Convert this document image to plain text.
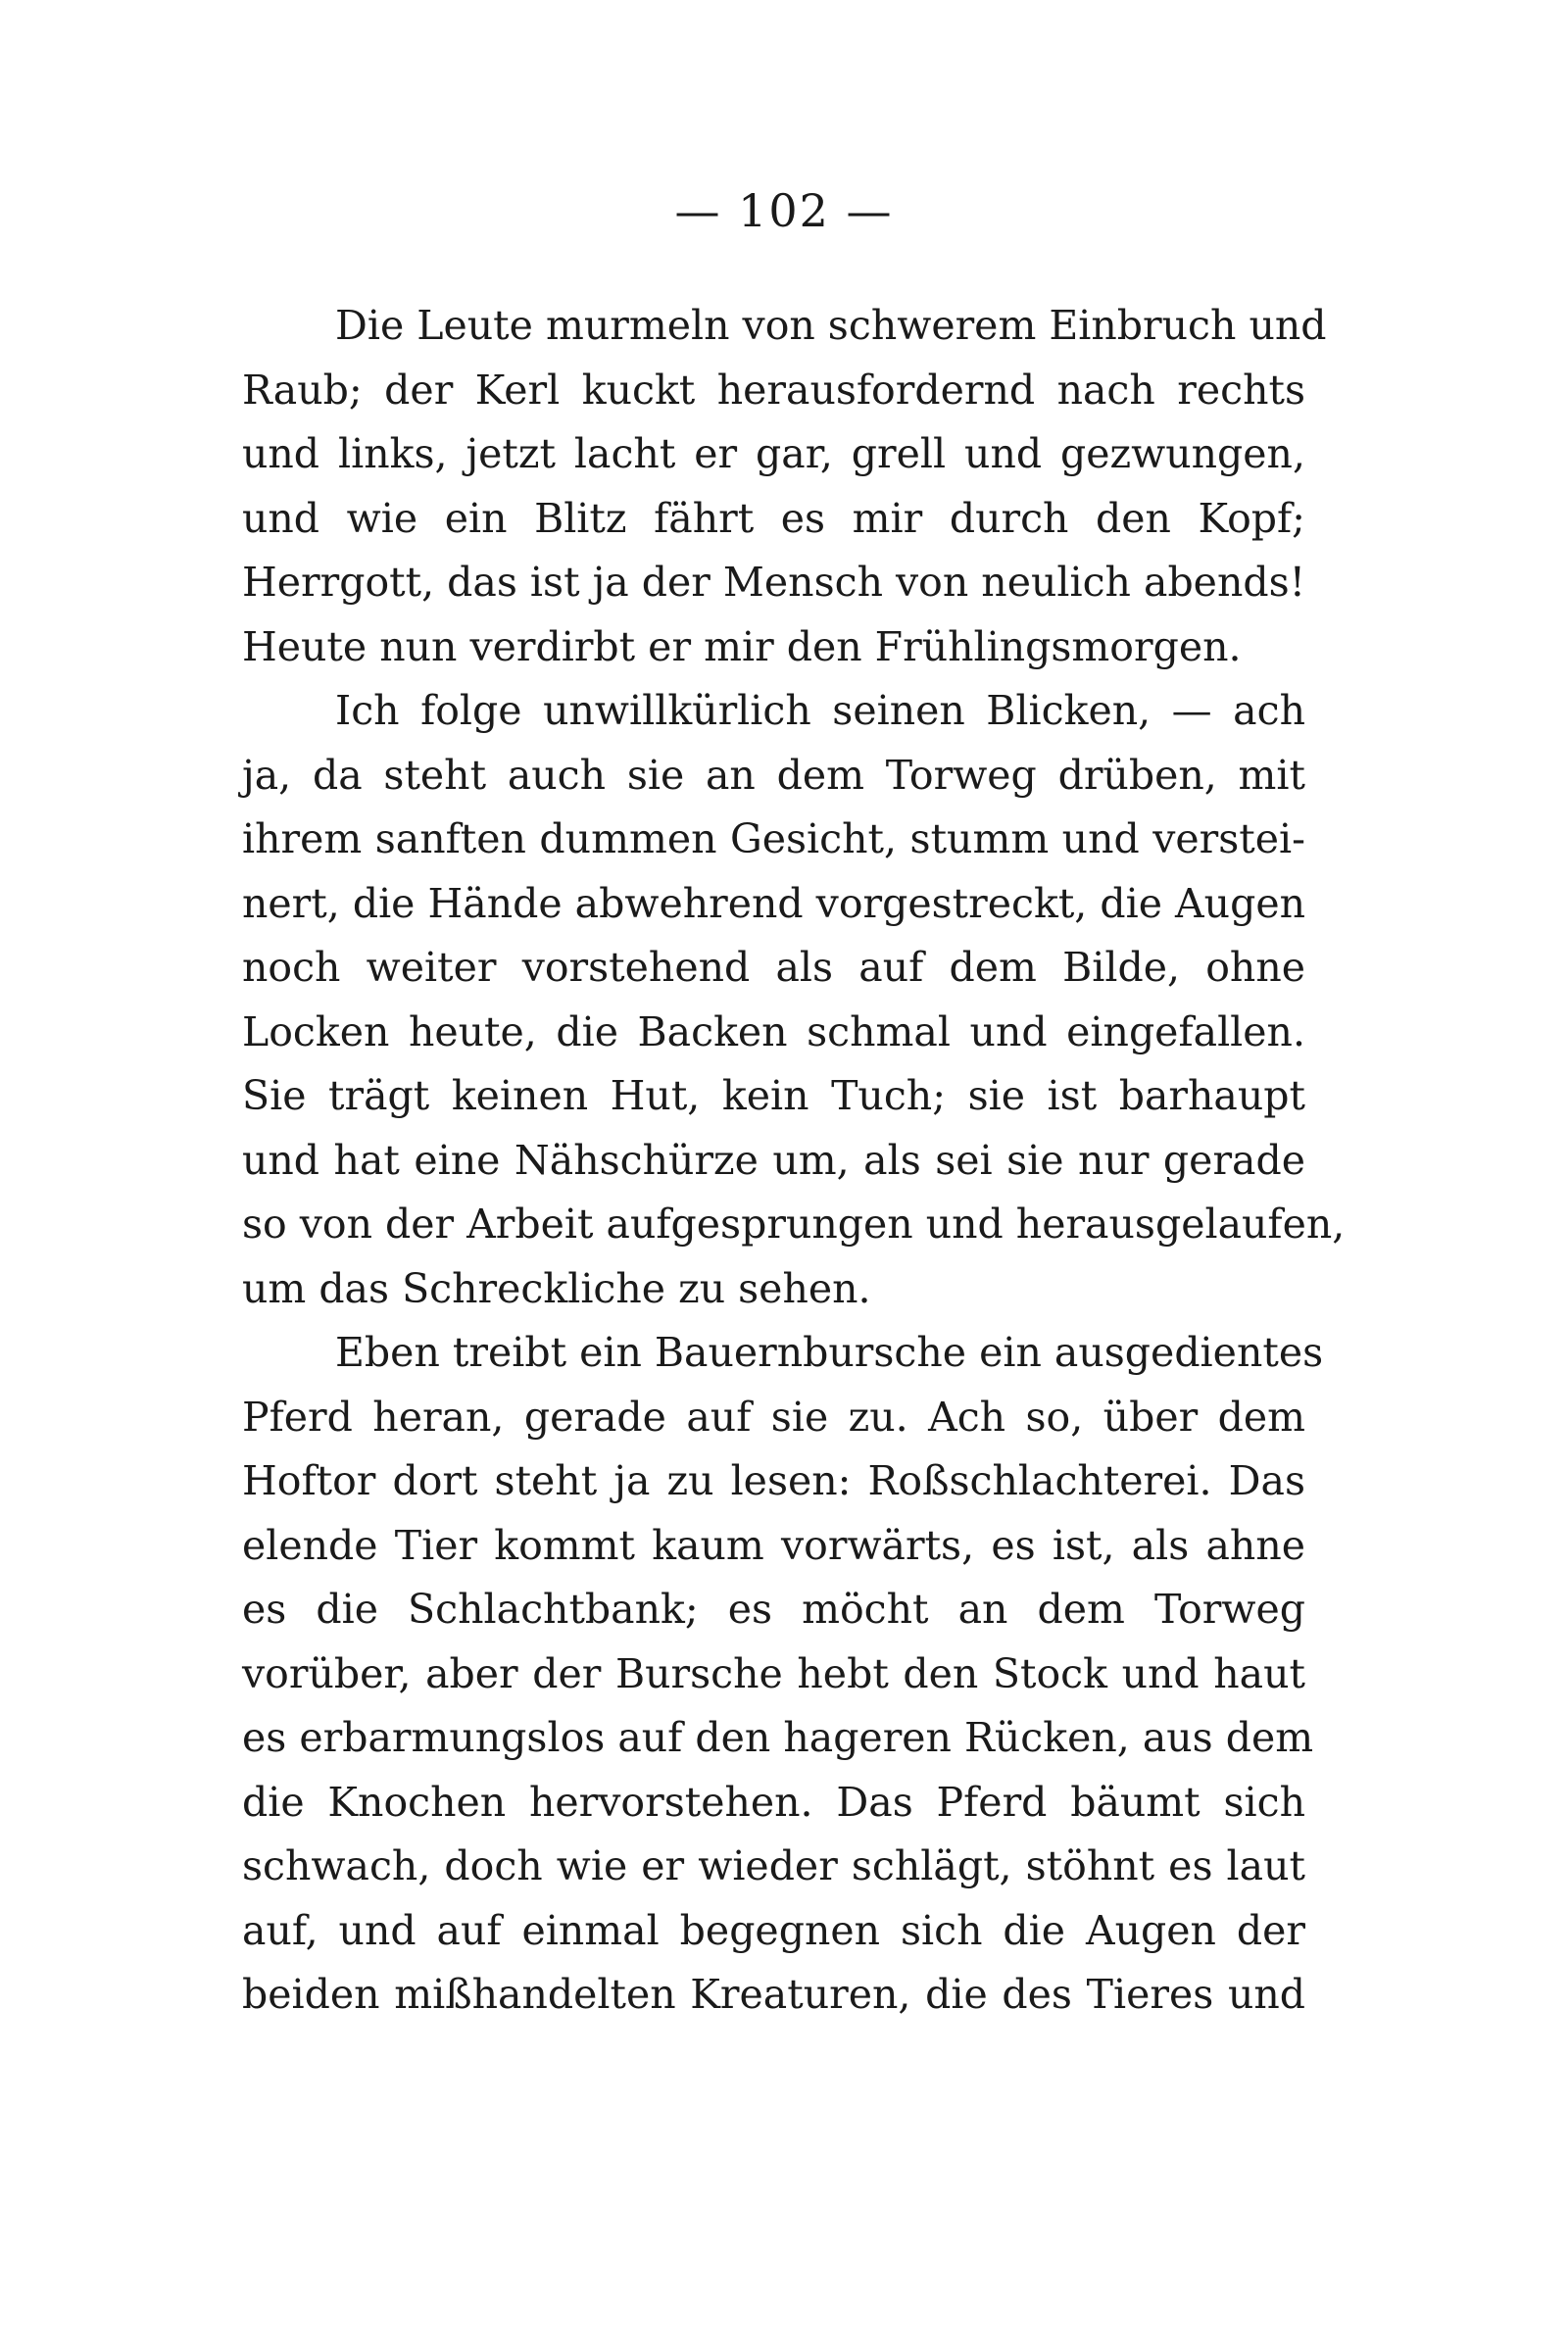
— 102 —
Die Leute murmeln von schwerem Einbruch und
Raub; der Kerl kuckt herausfordernd nach rechts
und links, jetzt lacht er gar, grell und gezwungen,
und wie ein Blitz fährt es mir durch den Kopf;
Herrgott, das ist ja der Mensch von neulich abends!
Heute nun verdirbt er mir den Frühlingsmorgen.
Ich folge unwillkürlich seinen Blicken, — ach
ja, da steht auch sie an dem Torweg drüben, mit
ihrem sanften dummen Gesicht, stumm und verstei-
nert, die Hände abwehrend vorgestreckt, die Augen
noch weiter vorstehend als auf dem Bilde, ohne
Locken heute, die Backen schmal und eingefallen.
Sie trägt keinen Hut, kein Tuch; sie ist barhaupt
und hat eine Nähschürze um, als sei sie nur gerade
so von der Arbeit aufgesprungen und herausgelaufen,
um das Schreckliche zu sehen.
Eben treibt ein Bauernbursche ein ausgedientes
Pferd heran, gerade auf sie zu. Ach so, über dem
Hoftor dort steht ja zu lesen: Roßschlachterei. Das
elende Tier kommt kaum vorwärts, es ist, als ahne
es die Schlachtbank; es möcht an dem Torweg
vorüber, aber der Bursche hebt den Stock und haut
es erbarmungslos auf den hageren Rücken, aus dem
die Knochen hervorstehen. Das Pferd bäumt sich
schwach, doch wie er wieder schlägt, stöhnt es laut
auf, und auf einmal begegnen sich die Augen der
beiden mißhandelten Kreaturen, die des Tieres und
